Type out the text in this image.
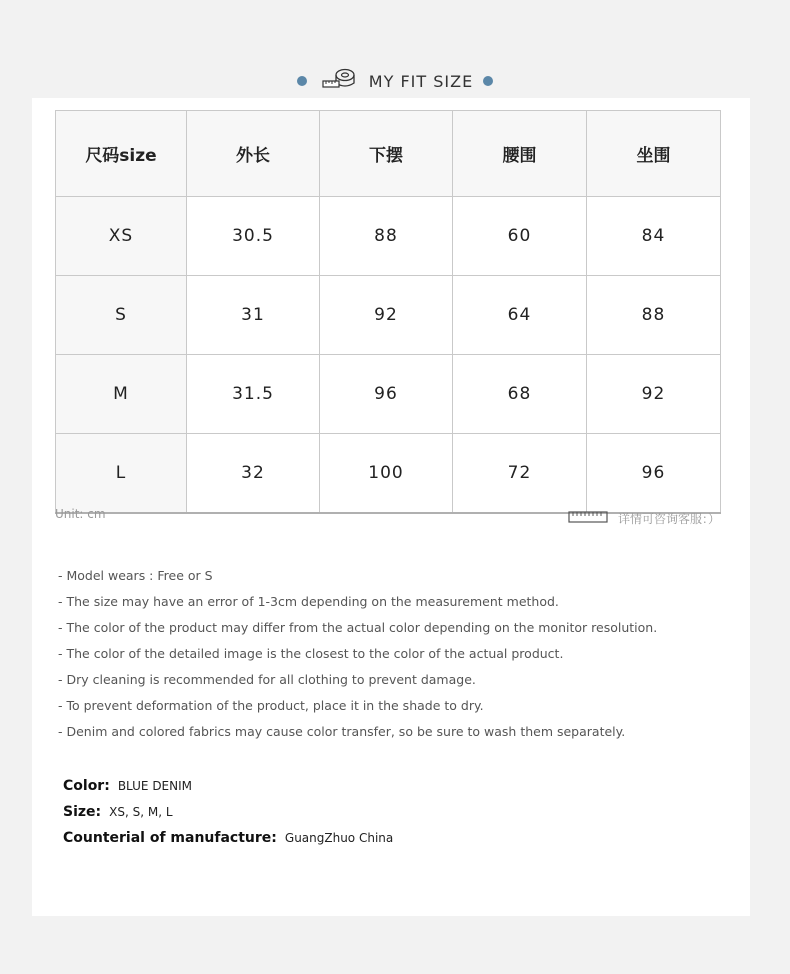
MY FIT SIZE
尺码size	外长	下摆	腰围	坐围
XS	30.5	88	60	84
S	31	92	64	88
M	31.5	96	68	92
L	32	100	72	96
Unit: cm	详情可咨询客服：）
- Model wears : Free or S
- The size may have an error of 1-3cm depending on the measurement method.
- The color of the product may differ from the actual color depending on the monitor resolution.
- The color of the detailed image is the closest to the color of the actual product.
- Dry cleaning is recommended for all clothing to prevent damage.
- To prevent deformation of the product, place it in the shade to dry.
- Denim and colored fabrics may cause color transfer, so be sure to wash them separately.
Color: BLUE DENIM
Size: XS, S, M, L
Counterial of manufacture: GuangZhuo China
